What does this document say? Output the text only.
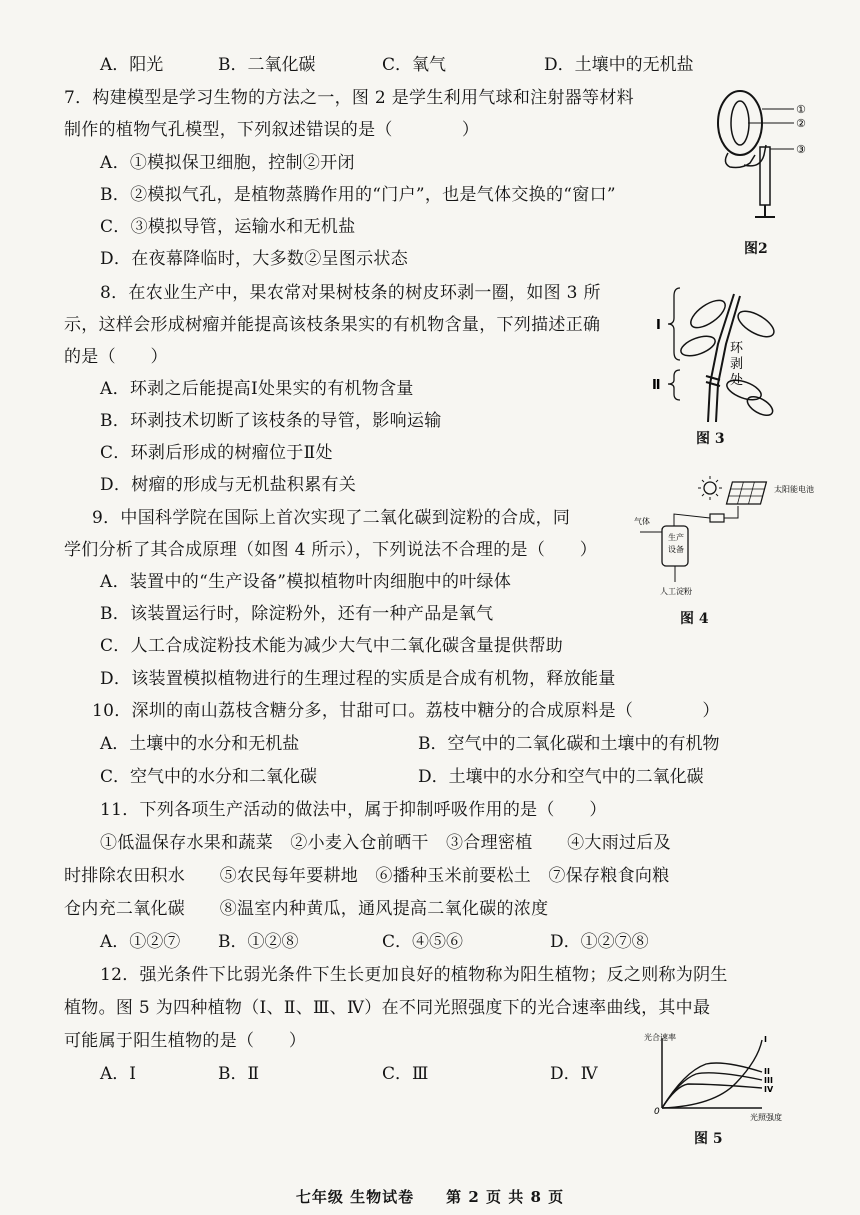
A．阳光	B．二氧化碳	C．氧气	D．土壤中的无机盐
7．构建模型是学习生物的方法之一，图 2 是学生利用气球和注射器等材料
制作的植物气孔模型，下列叙述错误的是（　　　　）
A．①模拟保卫细胞，控制②开闭
B．②模拟气孔，是植物蒸腾作用的“门户”，也是气体交换的“窗口”
C．③模拟导管，运输水和无机盐
D．在夜幕降临时，大多数②呈图示状态
①
②
③
图2
8．在农业生产中，果农常对果树枝条的树皮环剥一圈，如图 3 所
示，这样会形成树瘤并能提高该枝条果实的有机物含量，下列描述正确
的是（　　）
A．环剥之后能提高Ⅰ处果实的有机物含量
B．环剥技术切断了该枝条的导管，影响运输
C．环剥后形成的树瘤位于Ⅱ处
D．树瘤的形成与无机盐积累有关
Ⅰ
Ⅱ
环
剥
处
图 3
9．中国科学院在国际上首次实现了二氧化碳到淀粉的合成，同
学们分析了其合成原理（如图 4 所示），下列说法不合理的是（　　）
A．装置中的“生产设备”模拟植物叶肉细胞中的叶绿体
B．该装置运行时，除淀粉外，还有一种产品是氧气
C．人工合成淀粉技术能为减少大气中二氧化碳含量提供帮助
D．该装置模拟植物进行的生理过程的实质是合成有机物，释放能量
太阳能电池
生产
设备
气体
人工淀粉
图 4
10．深圳的南山荔枝含糖分多，甘甜可口。荔枝中糖分的合成原料是（　　　　）
A．土壤中的水分和无机盐	B．空气中的二氧化碳和土壤中的有机物
C．空气中的水分和二氧化碳	D．土壤中的水分和空气中的二氧化碳
11．下列各项生产活动的做法中，属于抑制呼吸作用的是（　　）
①低温保存水果和蔬菜　②小麦入仓前晒干　③合理密植　　④大雨过后及
时排除农田积水　　⑤农民每年要耕地　⑥播种玉米前要松土　⑦保存粮食向粮
仓内充二氧化碳　　⑧温室内种黄瓜，通风提高二氧化碳的浓度
A．①②⑦ B．①②⑧	C．④⑤⑥	D．①②⑦⑧
12．强光条件下比弱光条件下生长更加良好的植物称为阳生植物；反之则称为阴生
植物。图 5 为四种植物（Ⅰ、Ⅱ、Ⅲ、Ⅳ）在不同光照强度下的光合速率曲线，其中最
可能属于阳生植物的是（　　）
A．Ⅰ	B．Ⅱ	C．Ⅲ	D．Ⅳ
光合速率
0
光照强度
I
II
III
IV
图 5
七年级 生物试卷　　第 2 页 共 8 页
